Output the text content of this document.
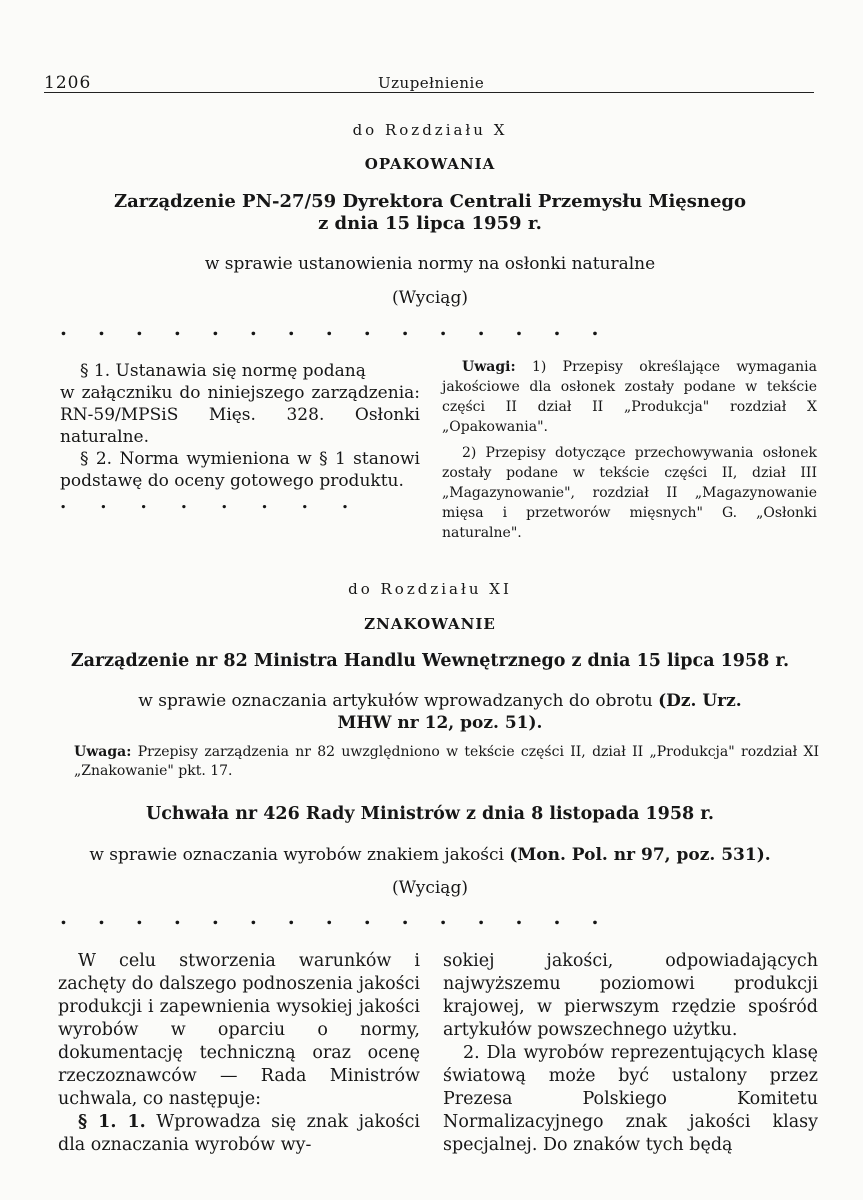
1206	Uzupełnienie
do Rozdziału X
OPAKOWANIA
Zarządzenie PN-27/59 Dyrektora Centrali Przemysłu Mięsnego
z dnia 15 lipca 1959 r.
w sprawie ustanowienia normy na osłonki naturalne
(Wyciąg)
...............

§ 1. Ustanawia się normę podaną

w załączniku do niniejszego zarządzenia: RN-59/MPSiS Mięs. 328. Osłonki naturalne.

§ 2. Norma wymieniona w § 1 stanowi podstawę do oceny gotowego produktu.

........

Uwagi: 1) Przepisy określające wymagania jakościowe dla osłonek zostały podane w tekście części II dział II „Produkcja" rozdział X „Opakowania".

2) Przepisy dotyczące przechowywania osłonek zostały podane w tekście części II, dział III „Magazynowanie", rozdział II „Magazynowanie mięsa i przetworów mięsnych" G. „Osłonki naturalne".

do Rozdziału XI
ZNAKOWANIE
Zarządzenie nr 82 Ministra Handlu Wewnętrznego z dnia 15 lipca 1958 r.
w sprawie oznaczania artykułów wprowadzanych do obrotu (Dz. Urz.
MHW nr 12, poz. 51).
Uwaga: Przepisy zarządzenia nr 82 uwzględniono w tekście części II, dział II „Produkcja" rozdział XI „Znakowanie" pkt. 17.
Uchwała nr 426 Rady Ministrów z dnia 8 listopada 1958 r.
w sprawie oznaczania wyrobów znakiem jakości (Mon. Pol. nr 97, poz. 531).
(Wyciąg)
...............

W celu stworzenia warunków i zachęty do dalszego podnoszenia jakości produkcji i zapewnienia wysokiej jakości wyrobów w oparciu o normy, dokumentację techniczną oraz ocenę rzeczoznawców — Rada Ministrów uchwala, co następuje:

§ 1. 1. Wprowadza się znak jakości dla oznaczania wyrobów wy-

sokiej jakości, odpowiadających najwyższemu poziomowi produkcji krajowej, w pierwszym rzędzie spośród artykułów powszechnego użytku.

2. Dla wyrobów reprezentujących klasę światową może być ustalony przez Prezesa Polskiego Komitetu Normalizacyjnego znak jakości klasy specjalnej. Do znaków tych będą
